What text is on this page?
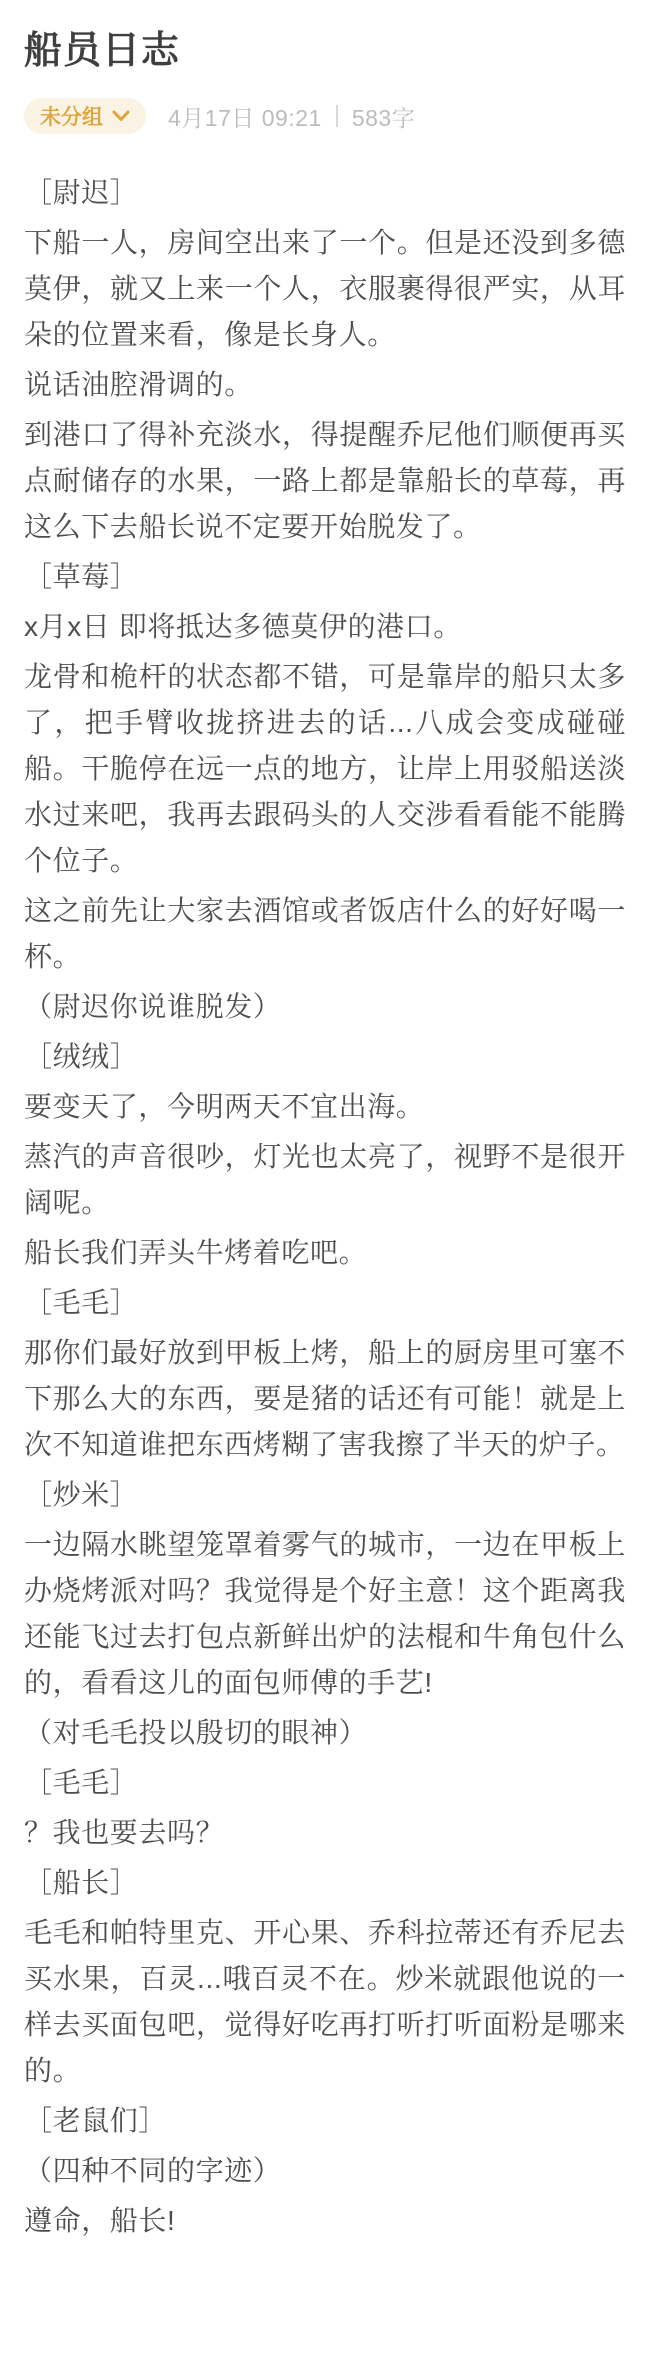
船员日志
未分组	4月17日 09:21 583字

［尉迟］

下船一人，房间空出来了一个。但是还没到多德莫伊，就又上来一个人，衣服裹得很严实，从耳朵的位置来看，像是长身人。

说话油腔滑调的。

到港口了得补充淡水，得提醒乔尼他们顺便再买点耐储存的水果，一路上都是靠船长的草莓，再这么下去船长说不定要开始脱发了。

［草莓］

x月x日 即将抵达多德莫伊的港口。

龙骨和桅杆的状态都不错，可是靠岸的船只太多了，把手臂收拢挤进去的话...八成会变成碰碰船。干脆停在远一点的地方，让岸上用驳船送淡水过来吧，我再去跟码头的人交涉看看能不能腾个位子。

这之前先让大家去酒馆或者饭店什么的好好喝一杯。

（尉迟你说谁脱发）

［绒绒］

要变天了，今明两天不宜出海。

蒸汽的声音很吵，灯光也太亮了，视野不是很开阔呢。

船长我们弄头牛烤着吃吧。

［毛毛］

那你们最好放到甲板上烤，船上的厨房里可塞不下那么大的东西，要是猪的话还有可能！就是上次不知道谁把东西烤糊了害我擦了半天的炉子。

［炒米］

一边隔水眺望笼罩着雾气的城市，一边在甲板上办烧烤派对吗？我觉得是个好主意！这个距离我还能飞过去打包点新鲜出炉的法棍和牛角包什么的，看看这儿的面包师傅的手艺!

（对毛毛投以殷切的眼神）

［毛毛］

？我也要去吗？

［船长］

毛毛和帕特里克、开心果、乔科拉蒂还有乔尼去买水果，百灵...哦百灵不在。炒米就跟他说的一样去买面包吧，觉得好吃再打听打听面粉是哪来的。

［老鼠们］

（四种不同的字迹）

遵命，船长!
